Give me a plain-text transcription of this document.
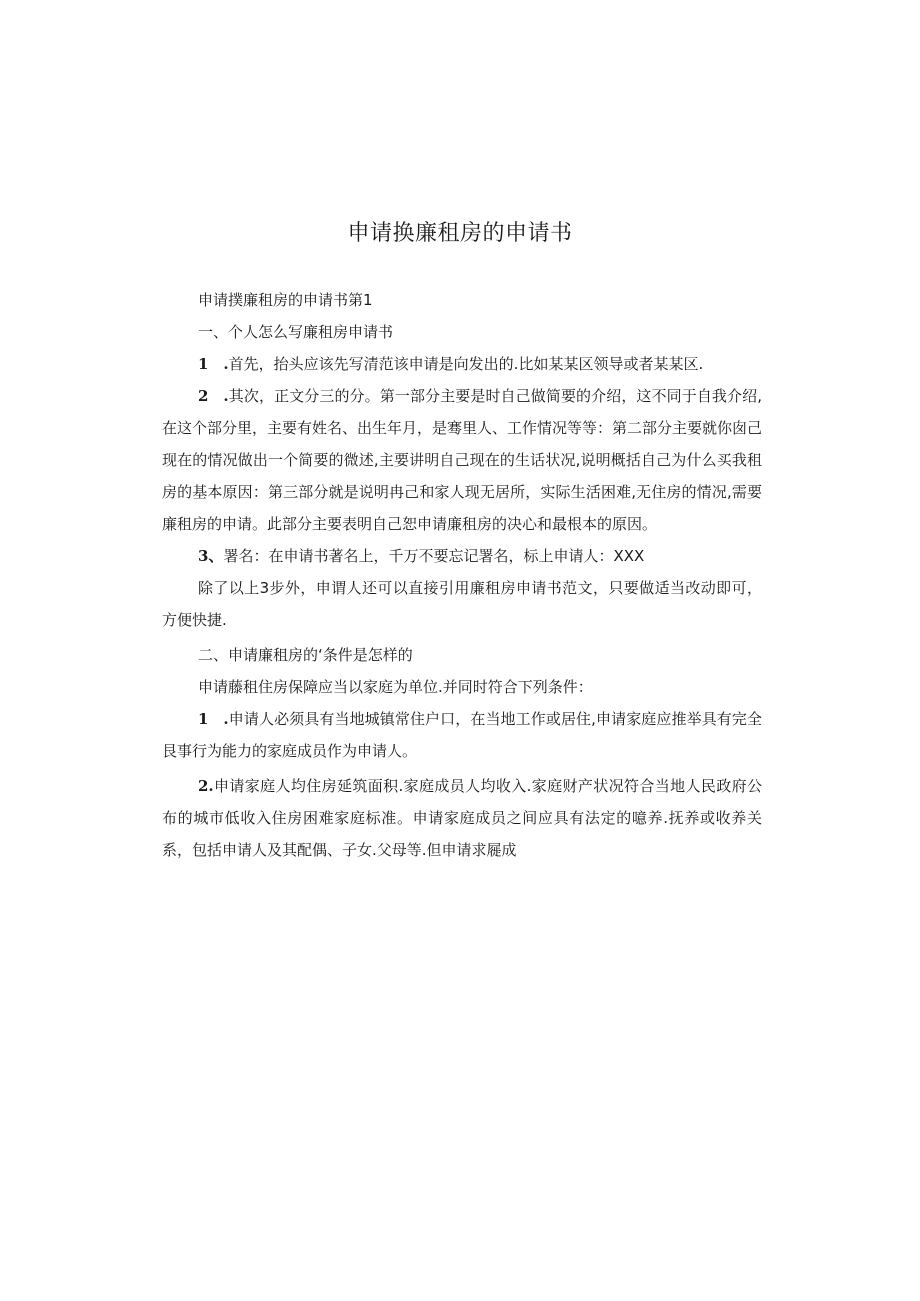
申请换廉租房的申请书

申请撲廉租房的申请书第1

一、个人怎么写廉租房申请书

1 .首先，抬头应该先写清范该申请是向发出的.比如某某区领导或者某某区.

2 .其次，正文分三的分。第一部分主要是时自己做简要的介绍，这不同于自我介绍,在这个部分里，主要有姓名、出生年月，是骞里人、工作情况等等：第二部分主要就你囱己现在的情况做出一个简要的微述,主要讲明自己现在的生话状况,说明概括自己为什么买我租房的基本原因：第三部分就是说明冉己和家人现无居所，实际生活困难,无住房的情况,需要廉租房的申请。此部分主要表明自己恕申请廉租房的决心和最根本的原因。

3、署名：在申请书著名上，千万不要忘记署名，标上申请人：XXX

除了以上3步外，申谓人还可以直接引用廉租房申请书范文，只要做适当改动即可，方便快捷.

二、申请廉租房的‘条件是怎样的

申请藤租住房保障应当以家庭为单位.并同时符合下列条件：

1 .申请人必须具有当地城镇常住户口，在当地工作或居住,申请家庭应推举具有完全艮事行为能力的家庭成员作为申请人。

2.申请家庭人均住房延筑面积.家庭成员人均收入.家庭财产状况符合当地人民政府公布的城市低收入住房困难家庭标准。申请家庭成员之间应具有法定的噫养.抚养或收养关系，包括申请人及其配偶、子女.父母等.但申请求屣成
